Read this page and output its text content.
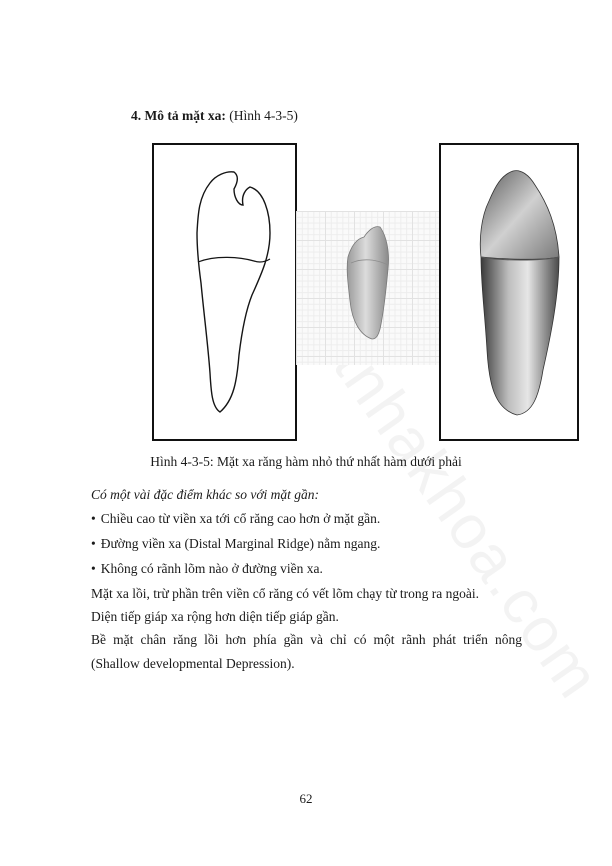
4. Mô tả mặt xa: (Hình 4-3-5)
Hình 4-3-5: Mặt xa răng hàm nhỏ thứ nhất hàm dưới phải
Có một vài đặc điểm khác so với mặt gần:
• Chiều cao từ viền xa tới cổ răng cao hơn ở mặt gần.
• Đường viền xa (Distal Marginal Ridge) nằm ngang.
• Không có rãnh lõm nào ở đường viền xa.
Mặt xa lồi, trừ phần trên viền cổ răng có vết lõm chạy từ trong ra ngoài.
Diện tiếp giáp xa rộng hơn diện tiếp giáp gần.
Bề mặt chân răng lồi hơn phía gần và chỉ có một rãnh phát triển nông
(Shallow developmental Depression).
62
